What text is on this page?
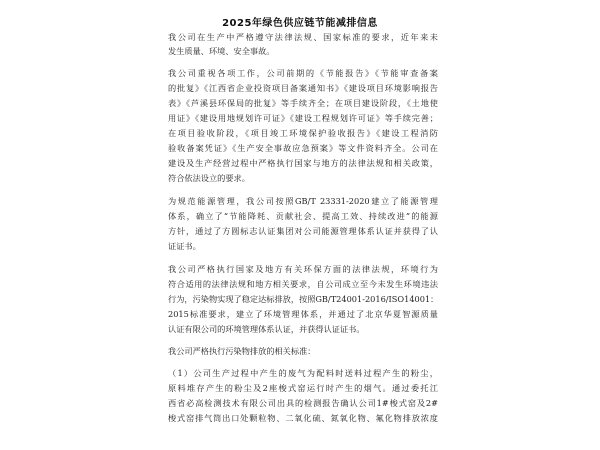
2025年绿色供应链节能减排信息
我公司在生产中严格遵守法律法规、国家标准的要求，近年来未
发生质量、环境、安全事故。
我公司重视各项工作，公司前期的《节能报告》《节能审查备案
的批复》《江西省企业投资项目备案通知书》《建设项目环境影响报告
表》《芦溪县环保局的批复》等手续齐全；在项目建设阶段，《土地使
用证》《建设用地规划许可证》《建设工程规划许可证》等手续完善；
在项目验收阶段，《项目竣工环境保护验收报告》《建设工程消防
验收备案凭证》《生产安全事故应急预案》等文件资料齐全。公司在
建设及生产经营过程中严格执行国家与地方的法律法规和相关政策，
符合依法设立的要求。
为规范能源管理，我公司按照GB/T 23331-2020建立了能源管理
体系，确立了“节能降耗、贡献社会、提高工效、持续改进”的能源
方针，通过了方圆标志认证集团对公司能源管理体系认证并获得了认
证证书。
我公司严格执行国家及地方有关环保方面的法律法规，环境行为
符合适用的法律法规和地方相关要求，自公司成立至今未发生环境违法
行为，污染物实现了稳定达标排放，按照GB/T24001-2016/ISO14001：
2015标准要求，建立了环境管理体系，并通过了北京华夏智源质量
认证有限公司的环境管理体系认证，并获得认证证书。
我公司严格执行污染物排放的相关标准：
（1）公司生产过程中产生的废气为配料时送料过程产生的粉尘，
原料堆存产生的粉尘及2座梭式窑运行时产生的烟气。通过委托江
西省必高检测技术有限公司出具的检测报告确认公司1#梭式窑及2#
梭式窑排气筒出口处颗粒物、二氧化硫、氮氧化物、氟化物排放浓度
